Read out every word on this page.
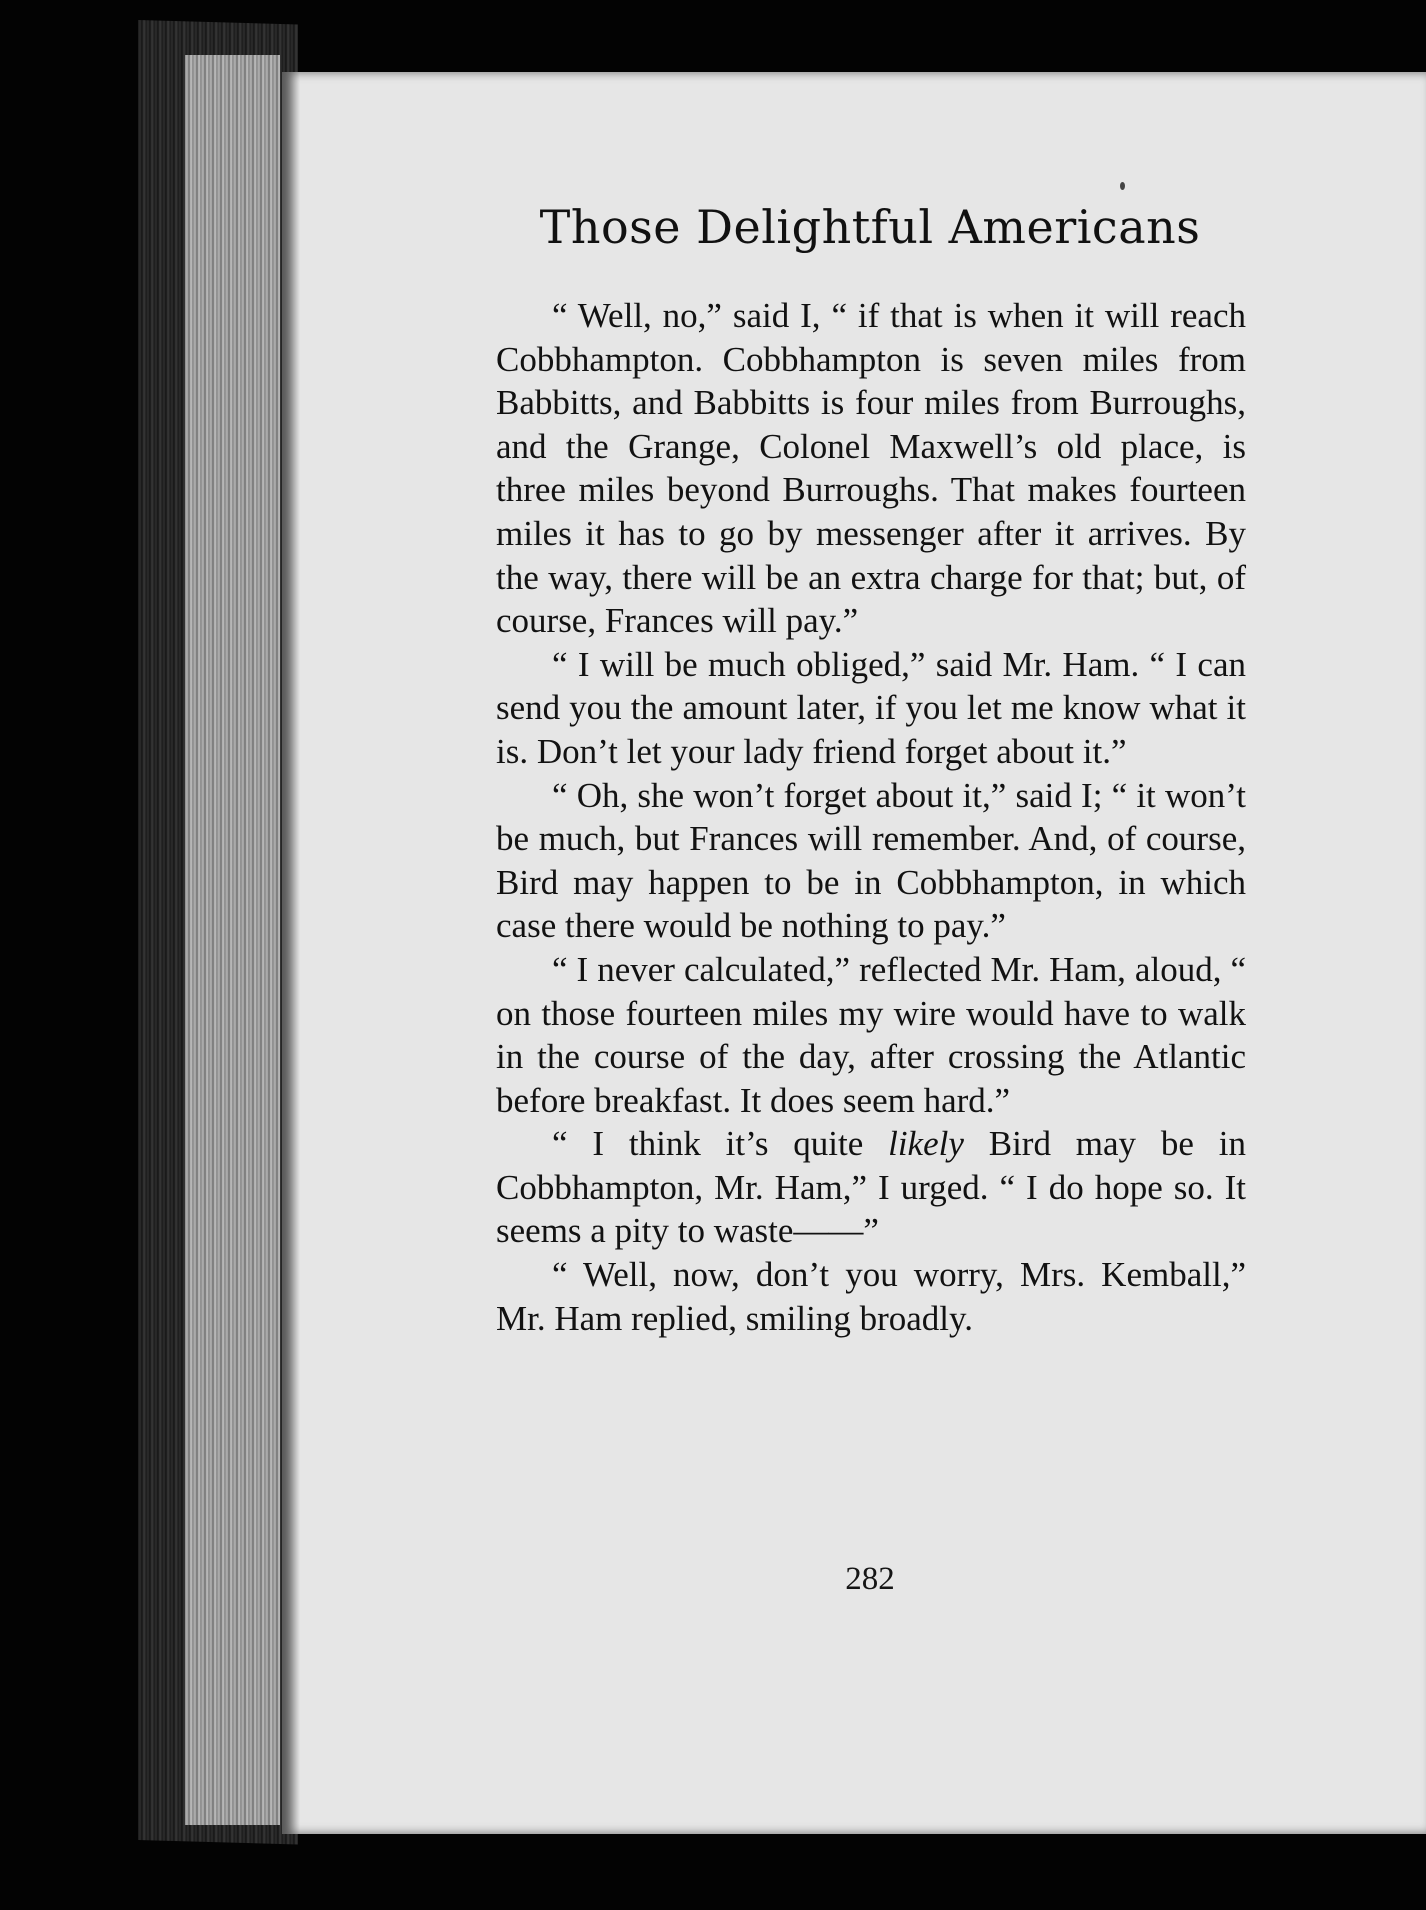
Those Delightful Americans

“ Well, no,” said I, “ if that is when it will reach Cobbhampton. Cobbhampton is seven miles from Babbitts, and Babbitts is four miles from Burroughs, and the Grange, Colonel Maxwell’s old place, is three miles beyond Burroughs. That makes fourteen miles it has to go by messenger after it arrives. By the way, there will be an extra charge for that; but, of course, Frances will pay.”

“ I will be much obliged,” said Mr. Ham. “ I can send you the amount later, if you let me know what it is. Don’t let your lady friend forget about it.”

“ Oh, she won’t forget about it,” said I; “ it won’t be much, but Frances will remember. And, of course, Bird may happen to be in Cobbhampton, in which case there would be nothing to pay.”

“ I never calculated,” reflected Mr. Ham, aloud, “ on those fourteen miles my wire would have to walk in the course of the day, after crossing the Atlantic before breakfast. It does seem hard.”

“ I think it’s quite likely Bird may be in Cobbhampton, Mr. Ham,” I urged. “ I do hope so. It seems a pity to waste——”

“ Well, now, don’t you worry, Mrs. Kemball,” Mr. Ham replied, smiling broadly.

282
